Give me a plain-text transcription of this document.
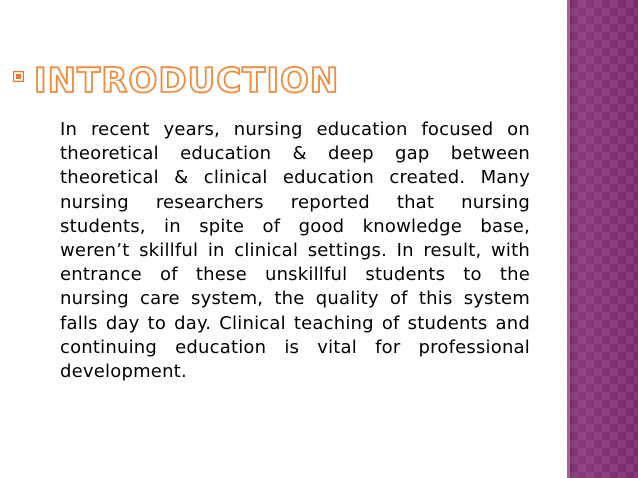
INTRODUCTION

In recent years, nursing education focused on theoretical education & deep gap between theoretical & clinical education created. Many nursing researchers reported that nursing students, in spite of good knowledge base, weren’t skillful in clinical settings. In result, with entrance of these unskillful students to the nursing care system, the quality of this system falls day to day. Clinical teaching of students and continuing education is vital for professional development.
